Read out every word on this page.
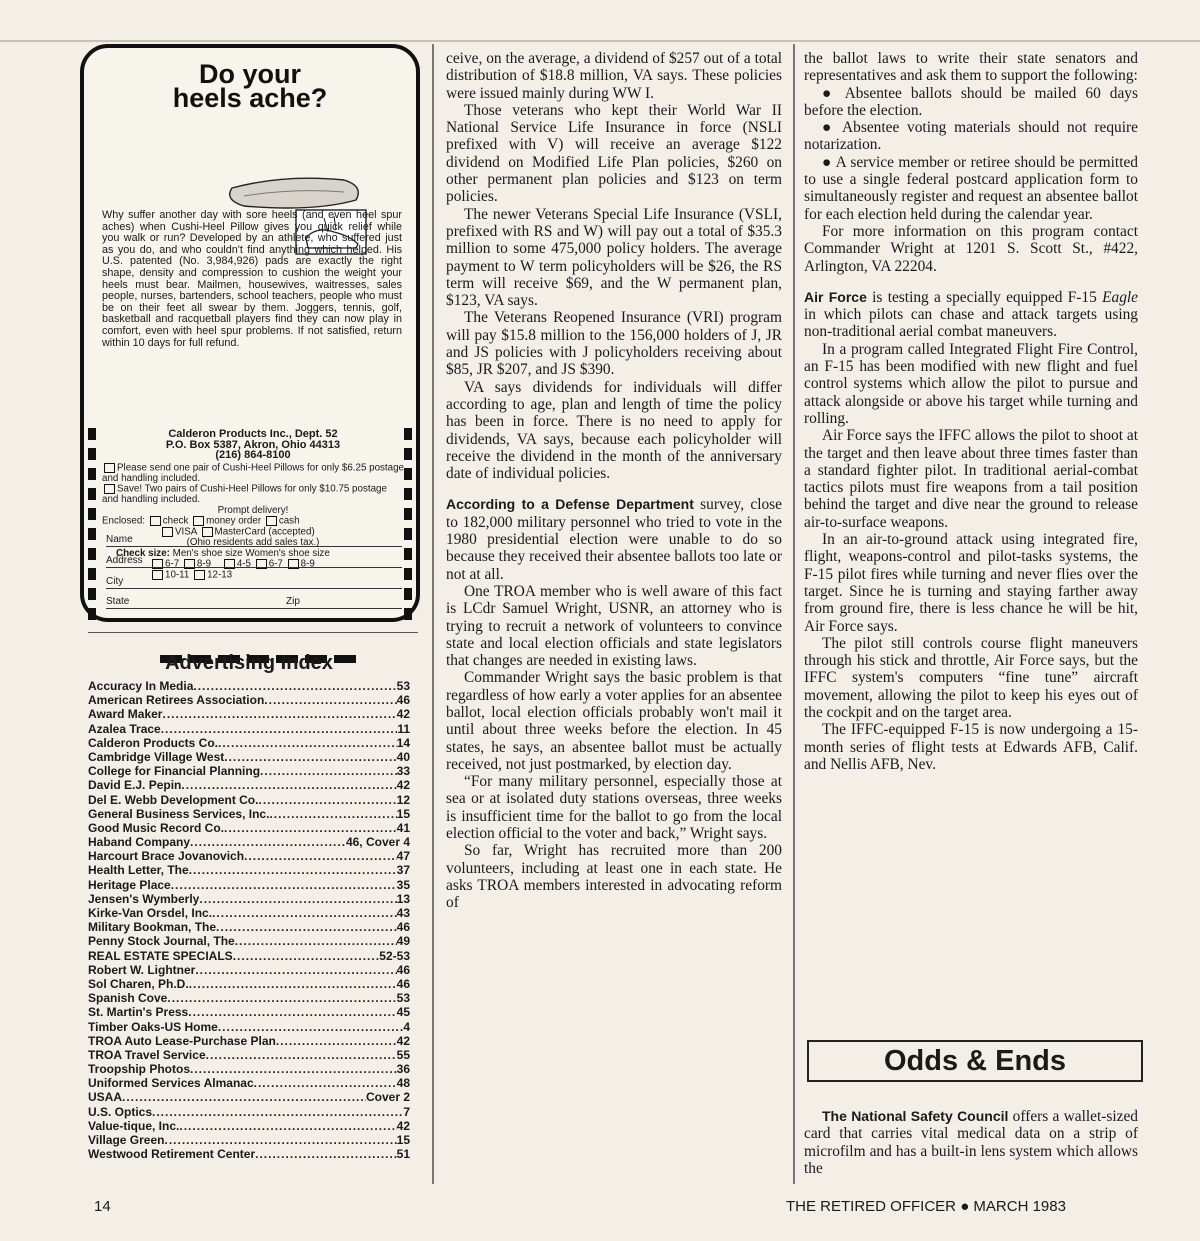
Do your
heels ache?
Why suffer another day with sore heels (and even heel spur aches) when Cushi-Heel Pillow gives you quick relief while you walk or run? Developed by an athlete, who suffered just as you do, and who couldn't find anything which helped. His U.S. patented (No. 3,984,926) pads are exactly the right shape, density and compression to cushion the weight your heels must bear. Mailmen, housewives, waitresses, sales people, nurses, bartenders, school teachers, people who must be on their feet all swear by them. Joggers, tennis, golf, basketball and racquetball players find they can now play in comfort, even with heel spur problems. If not satisfied, return within 10 days for full refund.
Calderon Products Inc., Dept. 52
P.O. Box 5387, Akron, Ohio 44313
(216) 864-8100
Please send one pair of Cushi-Heel Pillows for only $6.25 postage and handling included.
Save! Two pairs of Cushi-Heel Pillows for only $10.75 postage and handling included.
Prompt delivery!
Enclosed: check money order cash
VISA MasterCard (accepted)
(Ohio residents add sales tax.)
Check size: Men's shoe size Women's shoe size
6-7 8-9	4-5 6-7 8-9
10-11 12-13
Name
Address
City
State	Zip
Advertising Index
Accuracy In Media .....	53
American Retirees Association .....	46
Award Maker .....	42
Azalea Trace .....	11
Calderon Products Co. .....	14
Cambridge Village West .....	40
College for Financial Planning .....	33
David E.J. Pepin .....	42
Del E. Webb Development Co. .....	12
General Business Services, Inc. .....	15
Good Music Record Co. .....	41
Haband Company .....	46, Cover 4
Harcourt Brace Jovanovich .....	47
Health Letter, The .....	37
Heritage Place .....	35
Jensen's Wymberly .....	13
Kirke-Van Orsdel, Inc. .....	43
Military Bookman, The .....	46
Penny Stock Journal, The .....	49
REAL ESTATE SPECIALS .....	52-53
Robert W. Lightner .....	46
Sol Charen, Ph.D. .....	46
Spanish Cove .....	53
St. Martin's Press .....	45
Timber Oaks-US Home .....	4
TROA Auto Lease-Purchase Plan .....	42
TROA Travel Service .....	55
Troopship Photos .....	36
Uniformed Services Almanac .....	48
USAA .....	Cover 2
U.S. Optics .....	7
Value-tique, Inc. .....	42
Village Green .....	15
Westwood Retirement Center .....	51

ceive, on the average, a dividend of $257 out of a total distribution of $18.8 million, VA says. These policies were issued mainly during WW I.

Those veterans who kept their World War II National Service Life Insurance in force (NSLI prefixed with V) will receive an average $122 dividend on Modified Life Plan policies, $260 on other permanent plan policies and $123 on term policies.

The newer Veterans Special Life Insurance (VSLI, prefixed with RS and W) will pay out a total of $35.3 million to some 475,000 policy holders. The average payment to W term policyholders will be $26, the RS term will receive $69, and the W permanent plan, $123, VA says.

The Veterans Reopened Insurance (VRI) program will pay $15.8 million to the 156,000 holders of J, JR and JS policies with J policyholders receiving about $85, JR $207, and JS $390.

VA says dividends for individuals will differ according to age, plan and length of time the policy has been in force. There is no need to apply for dividends, VA says, because each policyholder will receive the dividend in the month of the anniversary date of individual policies.

According to a Defense Department survey, close to 182,000 military personnel who tried to vote in the 1980 presidential election were unable to do so because they received their absentee ballots too late or not at all.

One TROA member who is well aware of this fact is LCdr Samuel Wright, USNR, an attorney who is trying to recruit a network of volunteers to convince state and local election officials and state legislators that changes are needed in existing laws.

Commander Wright says the basic problem is that regardless of how early a voter applies for an absentee ballot, local election officials probably won't mail it until about three weeks before the election. In 45 states, he says, an absentee ballot must be actually received, not just postmarked, by election day.

“For many military personnel, especially those at sea or at isolated duty stations overseas, three weeks is insufficient time for the ballot to go from the local election official to the voter and back,” Wright says.

So far, Wright has recruited more than 200 volunteers, including at least one in each state. He asks TROA members interested in advocating reform of

the ballot laws to write their state senators and representatives and ask them to support the following:

● Absentee ballots should be mailed 60 days before the election.

● Absentee voting materials should not require notarization.

● A service member or retiree should be permitted to use a single federal postcard application form to simultaneously register and request an absentee ballot for each election held during the calendar year.

For more information on this program contact Commander Wright at 1201 S. Scott St., #422, Arlington, VA 22204.

Air Force is testing a specially equipped F-15 Eagle in which pilots can chase and attack targets using non-traditional aerial combat maneuvers.

In a program called Integrated Flight Fire Control, an F-15 has been modified with new flight and fuel control systems which allow the pilot to pursue and attack alongside or above his target while turning and rolling.

Air Force says the IFFC allows the pilot to shoot at the target and then leave about three times faster than a standard fighter pilot. In traditional aerial-combat tactics pilots must fire weapons from a tail position behind the target and dive near the ground to release air-to-surface weapons.

In an air-to-ground attack using integrated fire, flight, weapons-control and pilot-tasks systems, the F-15 pilot fires while turning and never flies over the target. Since he is turning and staying farther away from ground fire, there is less chance he will be hit, Air Force says.

The pilot still controls course flight maneuvers through his stick and throttle, Air Force says, but the IFFC system's computers “fine tune” aircraft movement, allowing the pilot to keep his eyes out of the cockpit and on the target area.

The IFFC-equipped F-15 is now undergoing a 15-month series of flight tests at Edwards AFB, Calif. and Nellis AFB, Nev.

Odds & Ends

The National Safety Council offers a wallet-sized card that carries vital medical data on a strip of microfilm and has a built-in lens system which allows the

14	THE RETIRED OFFICER ● MARCH 1983
